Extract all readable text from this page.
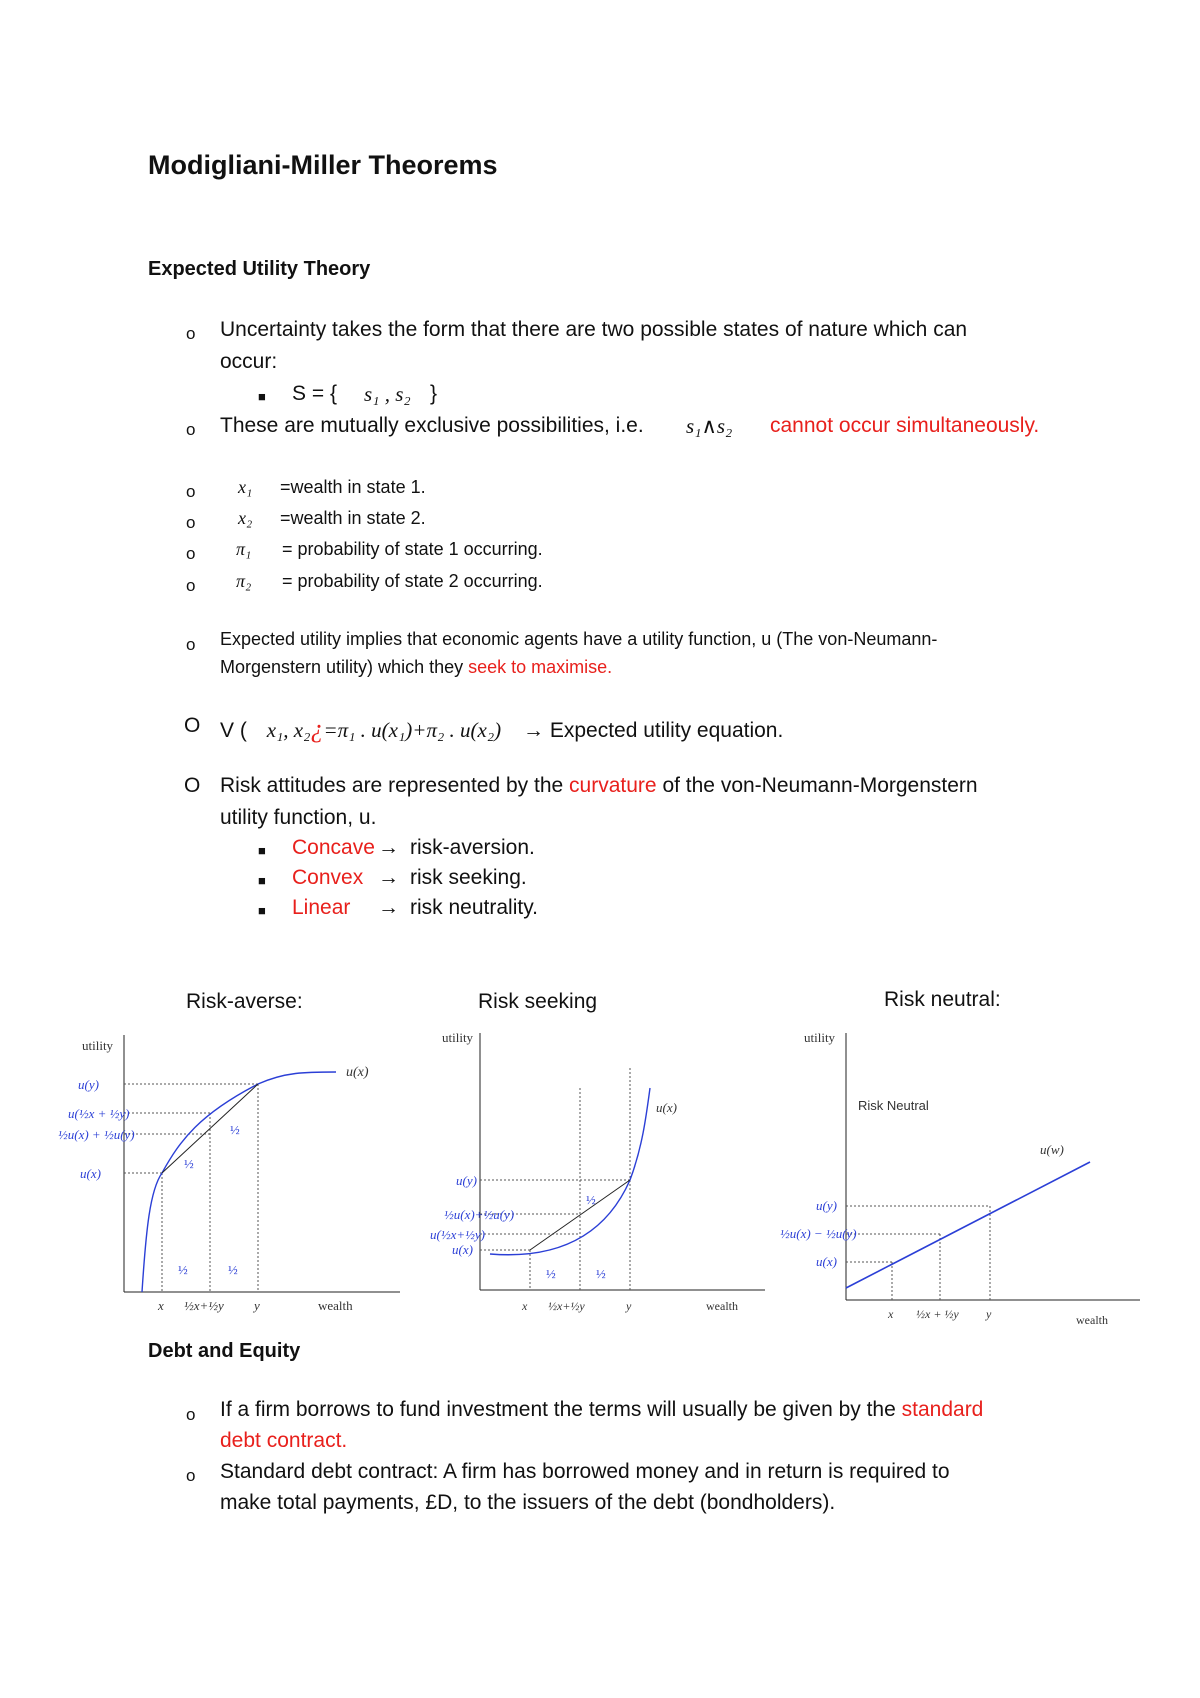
Modigliani-Miller Theorems
Expected Utility Theory
o Uncertainty takes the form that there are two possible states of nature which can
occur:
■ S = { s₁ , s₂ }
o These are mutually exclusive possibilities, i.e. s₁∧s₂ cannot occur simultaneously.
o x₁ =wealth in state 1.
o x₂ =wealth in state 2.
o π₁ = probability of state 1 occurring.
o π₂ = probability of state 2 occurring.
o Expected utility implies that economic agents have a utility function, u (The von-Neumann-
Morgenstern utility) which they seek to maximise.
O V ( x₁, x₂¿=π₁ . u(x₁)+π₂ . u(x₂) → Expected utility equation.
O Risk attitudes are represented by the curvature of the von-Neumann-Morgenstern
utility function, u.
■ Concave → risk-aversion.
■ Convex → risk seeking.
■ Linear → risk neutrality.
Risk-averse:	Risk seeking	Risk neutral:
utility
u(x)
u(y)
u(½x + ½y)
½u(x) + ½u(y)
u(x)
½
½
½	½
x ½x+½y y	wealth
utility
u(x)
u(y)
½u(x)+½u(y)
u(½x+½y)
u(x)
½
½	½
x ½x+½y	y	wealth
utility
Risk Neutral
u(w)
u(y)
½u(x) − ½u(y)
u(x)
x ½x + ½y y	wealth
Debt and Equity
o If a firm borrows to fund investment the terms will usually be given by the standard
debt contract.
o Standard debt contract: A firm has borrowed money and in return is required to
make total payments, £D, to the issuers of the debt (bondholders).
